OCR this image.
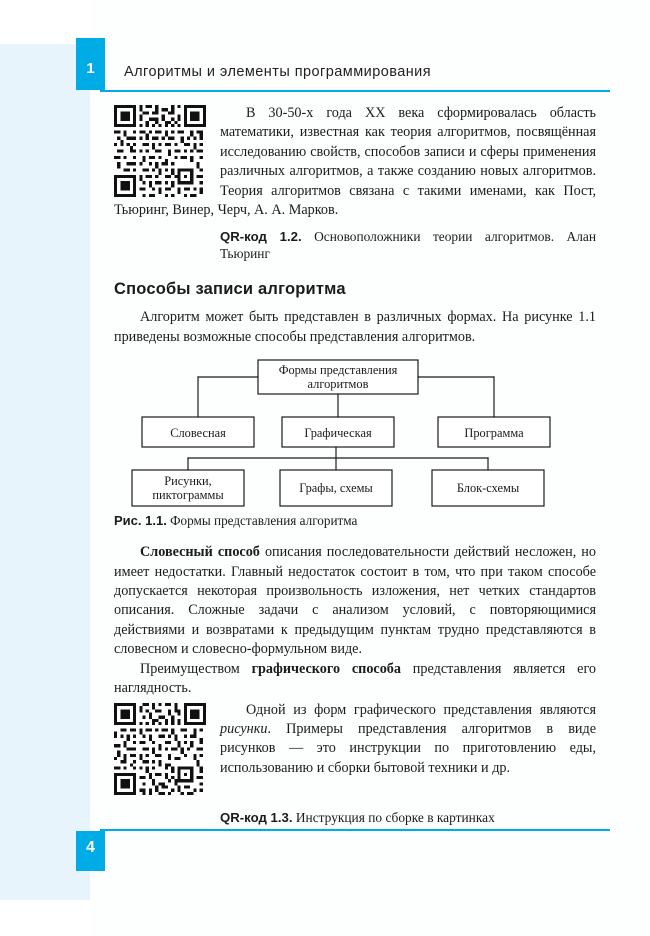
1	Алгоритмы и элементы программирования

В 30-50-х года XX века сформировалась область математики, известная как теория алгоритмов, посвящённая исследованию свойств, способов записи и сферы применения различных алгоритмов, а также созданию новых алгоритмов. Теория алгоритмов связана с такими именами, как Пост, Тьюринг, Винер, Черч, А. А. Марков.

QR-код 1.2. Основоположники теории алгоритмов. Алан Тьюринг
Способы записи алгоритма

Алгоритм может быть представлен в различных формах. На рисунке 1.1 приведены возможные способы представления алгоритмов.

Формы представления
алгоритмов
Словесная	Графическая	Программа
Рисунки,
пиктограммы	Графы, схемы	Блок-схемы
Рис. 1.1. Формы представления алгоритма

Словесный способ описания последовательности действий несложен, но имеет недостатки. Главный недостаток состоит в том, что при таком способе допускается некоторая произвольность изложения, нет четких стандартов описания. Сложные задачи с анализом условий, с повторяющимися действиями и возвратами к предыдущим пунктам трудно представляются в словесном и словесно-формульном виде.

Преимуществом графического способа представления является его наглядность.

Одной из форм графического представления являются рисунки. Примеры представления алгоритмов в виде рисунков — это инструкции по приготовлению еды, использованию и сборки бытовой техники и др.

QR-код 1.3. Инструкция по сборке в картинках
4
